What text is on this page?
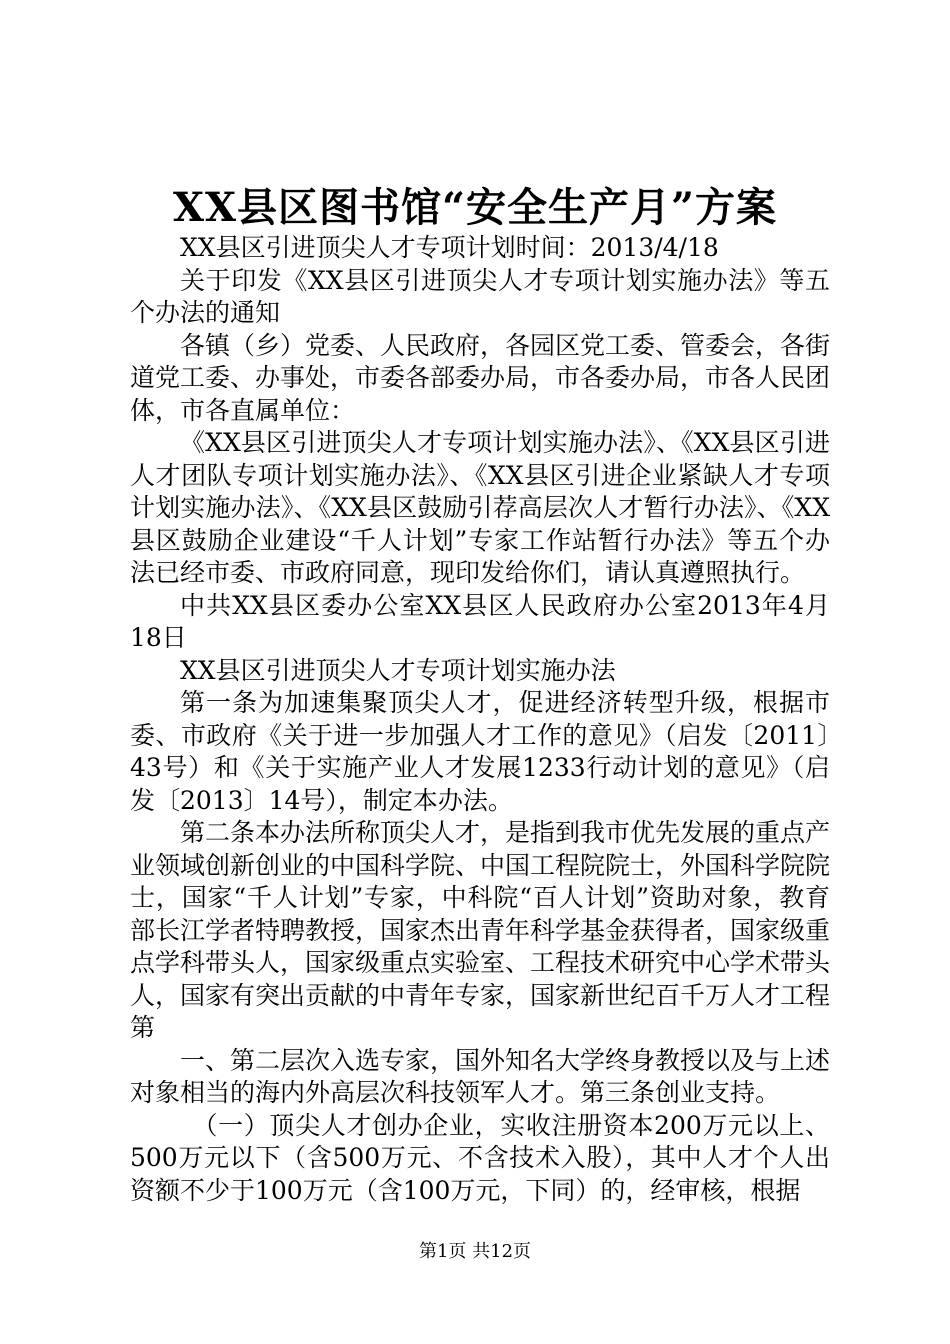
XX县区图书馆“安全生产月”方案

XX县区引进顶尖人才专项计划时间：2013/4/18

关于印发《XX县区引进顶尖人才专项计划实施办法》等五个办法的通知

各镇（乡）党委、人民政府，各园区党工委、管委会，各街道党工委、办事处，市委各部委办局，市各委办局，市各人民团体，市各直属单位：

《XX县区引进顶尖人才专项计划实施办法》、《XX县区引进人才团队专项计划实施办法》、《XX县区引进企业紧缺人才专项计划实施办法》、《XX县区鼓励引荐高层次人才暂行办法》、《XX县区鼓励企业建设“千人计划”专家工作站暂行办法》等五个办法已经市委、市政府同意，现印发给你们，请认真遵照执行。

中共XX县区委办公室XX县区人民政府办公室2013年4月18日

XX县区引进顶尖人才专项计划实施办法

第一条为加速集聚顶尖人才，促进经济转型升级，根据市委、市政府《关于进一步加强人才工作的意见》（启发〔2011〕43号）和《关于实施产业人才发展1233行动计划的意见》（启发〔2013〕14号），制定本办法。

第二条本办法所称顶尖人才，是指到我市优先发展的重点产业领域创新创业的中国科学院、中国工程院院士，外国科学院院士，国家“千人计划”专家，中科院“百人计划”资助对象，教育部长江学者特聘教授，国家杰出青年科学基金获得者，国家级重点学科带头人，国家级重点实验室、工程技术研究中心学术带头人，国家有突出贡献的中青年专家，国家新世纪百千万人才工程第

一、第二层次入选专家，国外知名大学终身教授以及与上述对象相当的海内外高层次科技领军人才。第三条创业支持。

（一）顶尖人才创办企业，实收注册资本200万元以上、500万元以下（含500万元、不含技术入股），其中人才个人出资额不少于100万元（含100万元，下同）的，经审核，根据

第1页 共12页
